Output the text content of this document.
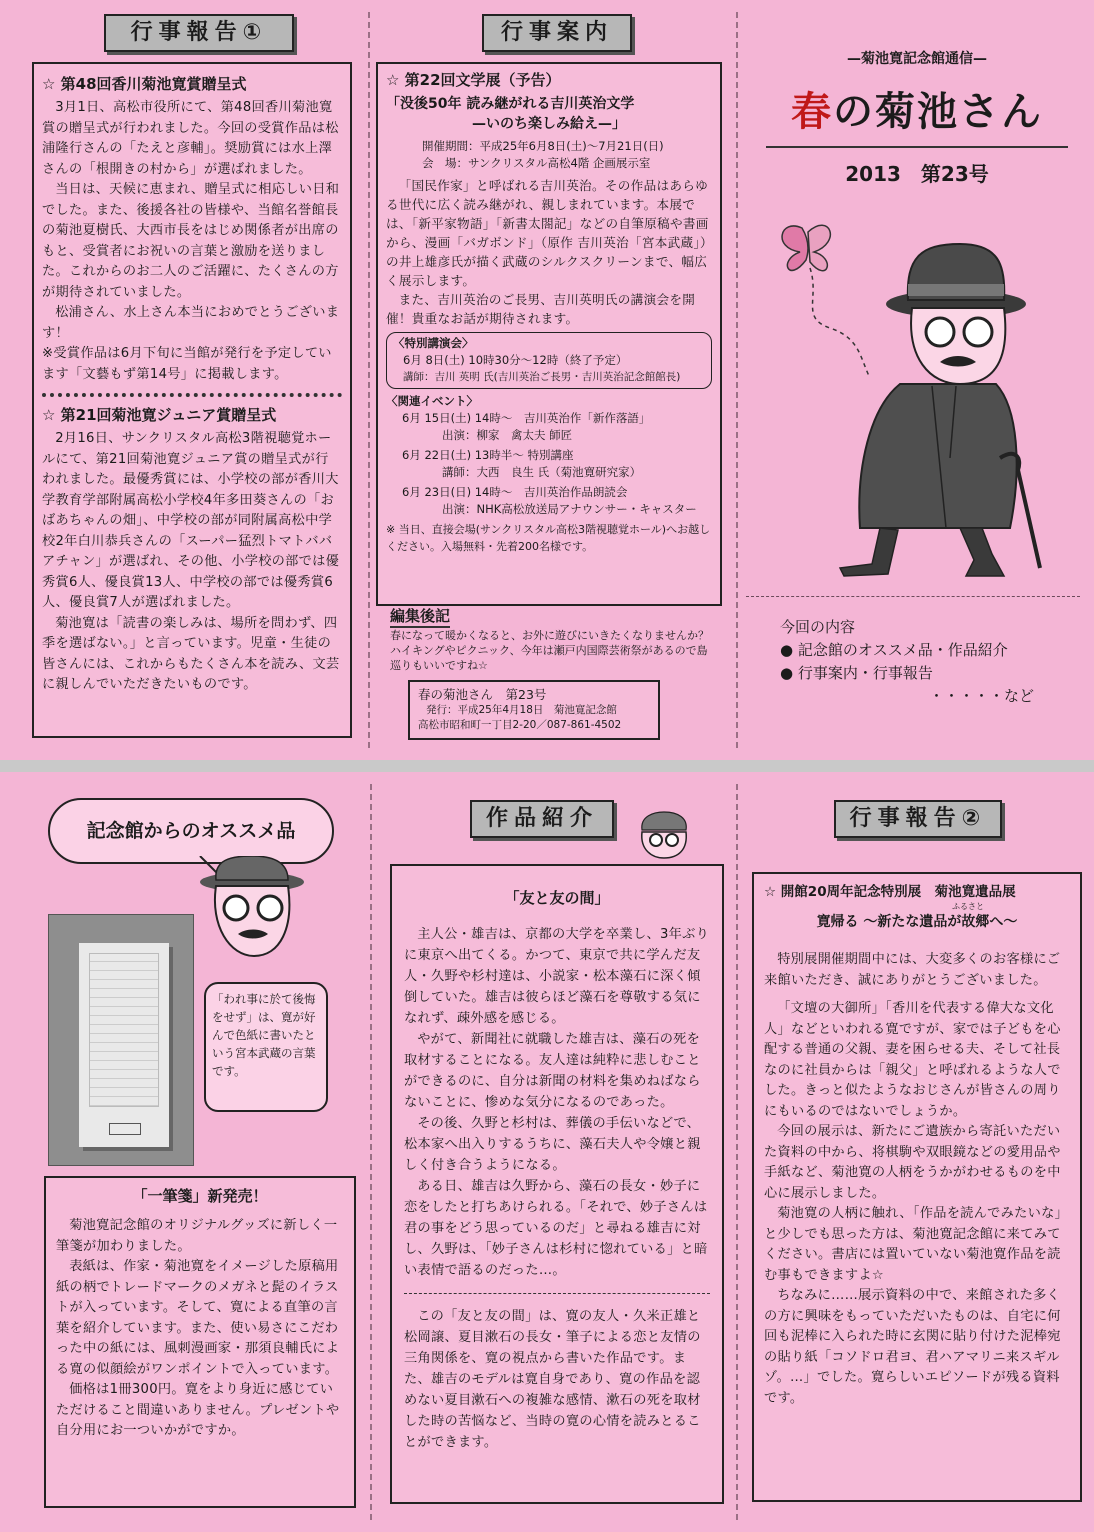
行事報告①

☆ 第48回香川菊池寛賞贈呈式

3月1日、高松市役所にて、第48回香川菊池寛賞の贈呈式が行われました。今回の受賞作品は松浦隆行さんの「たえと彦輔」。奨励賞には水上澤さんの「根開きの村から」が選ばれました。

当日は、天候に恵まれ、贈呈式に相応しい日和でした。また、後援各社の皆様や、当館名誉館長の菊池夏樹氏、大西市長をはじめ関係者が出席のもと、受賞者にお祝いの言葉と激励を送りました。これからのお二人のご活躍に、たくさんの方が期待されていました。

松浦さん、水上さん本当におめでとうございます！

※受賞作品は6月下旬に当館が発行を予定しています「文藝もず第14号」に掲載します。

☆ 第21回菊池寛ジュニア賞贈呈式

2月16日、サンクリスタル高松3階視聴覚ホールにて、第21回菊池寛ジュニア賞の贈呈式が行われました。最優秀賞には、小学校の部が香川大学教育学部附属高松小学校4年多田葵さんの「おばあちゃんの畑」、中学校の部が同附属高松中学校2年白川恭兵さんの「スーパー猛烈トマトババアチャン」が選ばれ、その他、小学校の部では優秀賞6人、優良賞13人、中学校の部では優秀賞6人、優良賞7人が選ばれました。

菊池寛は「読書の楽しみは、場所を問わず、四季を選ばない。」と言っています。児童・生徒の皆さんには、これからもたくさん本を読み、文芸に親しんでいただきたいものです。

行事案内

☆ 第22回文学展（予告）

「没後50年 読み継がれる吉川英治文学

—いのち楽しみ給え—」

開催期間：平成25年6月8日(土)〜7月21日(日)

会　場：サンクリスタル高松4階 企画展示室

「国民作家」と呼ばれる吉川英治。その作品はあらゆる世代に広く読み継がれ、親しまれています。本展では、「新平家物語」「新書太閤記」などの自筆原稿や書画から、漫画「バガボンド」（原作 吉川英治「宮本武蔵」）の井上雄彦氏が描く武蔵のシルクスクリーンまで、幅広く展示します。

また、吉川英治のご長男、吉川英明氏の講演会を開催！貴重なお話が期待されます。

〈特別講演会〉

6月 8日(土) 10時30分〜12時（終了予定）

講師：吉川 英明 氏(吉川英治ご長男・吉川英治記念館館長)

〈関連イベント〉

6月 15日(土) 14時〜　吉川英治作「新作落語」

出演：柳家　禽太夫 師匠

6月 22日(土) 13時半〜 特別講座

講師：大西　良生 氏（菊池寛研究家）

6月 23日(日) 14時〜　吉川英治作品朗読会

出演：NHK高松放送局アナウンサー・キャスター

※ 当日、直接会場(サンクリスタル高松3階視聴覚ホール)へお越しください。入場無料・先着200名様です。

編集後記

春になって暖かくなると、お外に遊びにいきたくなりませんか？ハイキングやピクニック、今年は瀬戸内国際芸術祭があるので島巡りもいいですね☆

春の菊池さん　第23号

発行：平成25年4月18日　菊池寛記念館

高松市昭和町一丁目2-20／087-861-4502

—菊池寛記念館通信—
春の菊池さん
2013　第23号
今回の内容
● 記念館のオススメ品・作品紹介
● 行事案内・行事報告
・・・・・など
記念館からのオススメ品

「われ事に於て後悔をせず」は、寛が好んで色紙に書いたという宮本武蔵の言葉です。

「一筆箋」新発売！

菊池寛記念館のオリジナルグッズに新しく一筆箋が加わりました。

表紙は、作家・菊池寛をイメージした原稿用紙の柄でトレードマークのメガネと髭のイラストが入っています。そして、寛による直筆の言葉を紹介しています。また、使い易さにこだわった中の紙には、風刺漫画家・那須良輔氏による寛の似顔絵がワンポイントで入っています。

価格は1冊300円。寛をより身近に感じていただけること間違いありません。プレゼントや自分用にお一ついかがですか。

作品紹介

「友と友の間」

主人公・雄吉は、京都の大学を卒業し、3年ぶりに東京へ出てくる。かつて、東京で共に学んだ友人・久野や杉村達は、小説家・松本藻石に深く傾倒していた。雄吉は彼らほど藻石を尊敬する気になれず、疎外感を感じる。

やがて、新聞社に就職した雄吉は、藻石の死を取材することになる。友人達は純粋に悲しむことができるのに、自分は新聞の材料を集めねばならないことに、惨めな気分になるのであった。

その後、久野と杉村は、葬儀の手伝いなどで、松本家へ出入りするうちに、藻石夫人や令嬢と親しく付き合うようになる。

ある日、雄吉は久野から、藻石の長女・妙子に恋をしたと打ちあけられる。「それで、妙子さんは君の事をどう思っているのだ」と尋ねる雄吉に対し、久野は、「妙子さんは杉村に惚れている」と暗い表情で語るのだった…。

この「友と友の間」は、寛の友人・久米正雄と松岡譲、夏目漱石の長女・筆子による恋と友情の三角関係を、寛の視点から書いた作品です。また、雄吉のモデルは寛自身であり、寛の作品を認めない夏目漱石への複雑な感情、漱石の死を取材した時の苦悩など、当時の寛の心情を読みとることができます。

行事報告②

☆ 開館20周年記念特別展　菊池寛遺品展

ふるさと

寛帰る ～新たな遺品が故郷へ～

特別展開催期間中には、大変多くのお客様にご来館いただき、誠にありがとうございました。

「文壇の大御所」「香川を代表する偉大な文化人」などといわれる寛ですが、家では子どもを心配する普通の父親、妻を困らせる夫、そして社長なのに社員からは「親父」と呼ばれるような人でした。きっと似たようなおじさんが皆さんの周りにもいるのではないでしょうか。

今回の展示は、新たにご遺族から寄託いただいた資料の中から、将棋駒や双眼鏡などの愛用品や手紙など、菊池寛の人柄をうかがわせるものを中心に展示しました。

菊池寛の人柄に触れ、「作品を読んでみたいな」と少しでも思った方は、菊池寛記念館に来てみてください。書店には置いていない菊池寛作品を読む事もできますよ☆

ちなみに……展示資料の中で、来館された多くの方に興味をもっていただいたものは、自宅に何回も泥棒に入られた時に玄関に貼り付けた泥棒宛の貼り紙「コソドロ君ヨ、君ハアマリニ来スギルゾ。…」でした。寛らしいエピソードが残る資料です。
